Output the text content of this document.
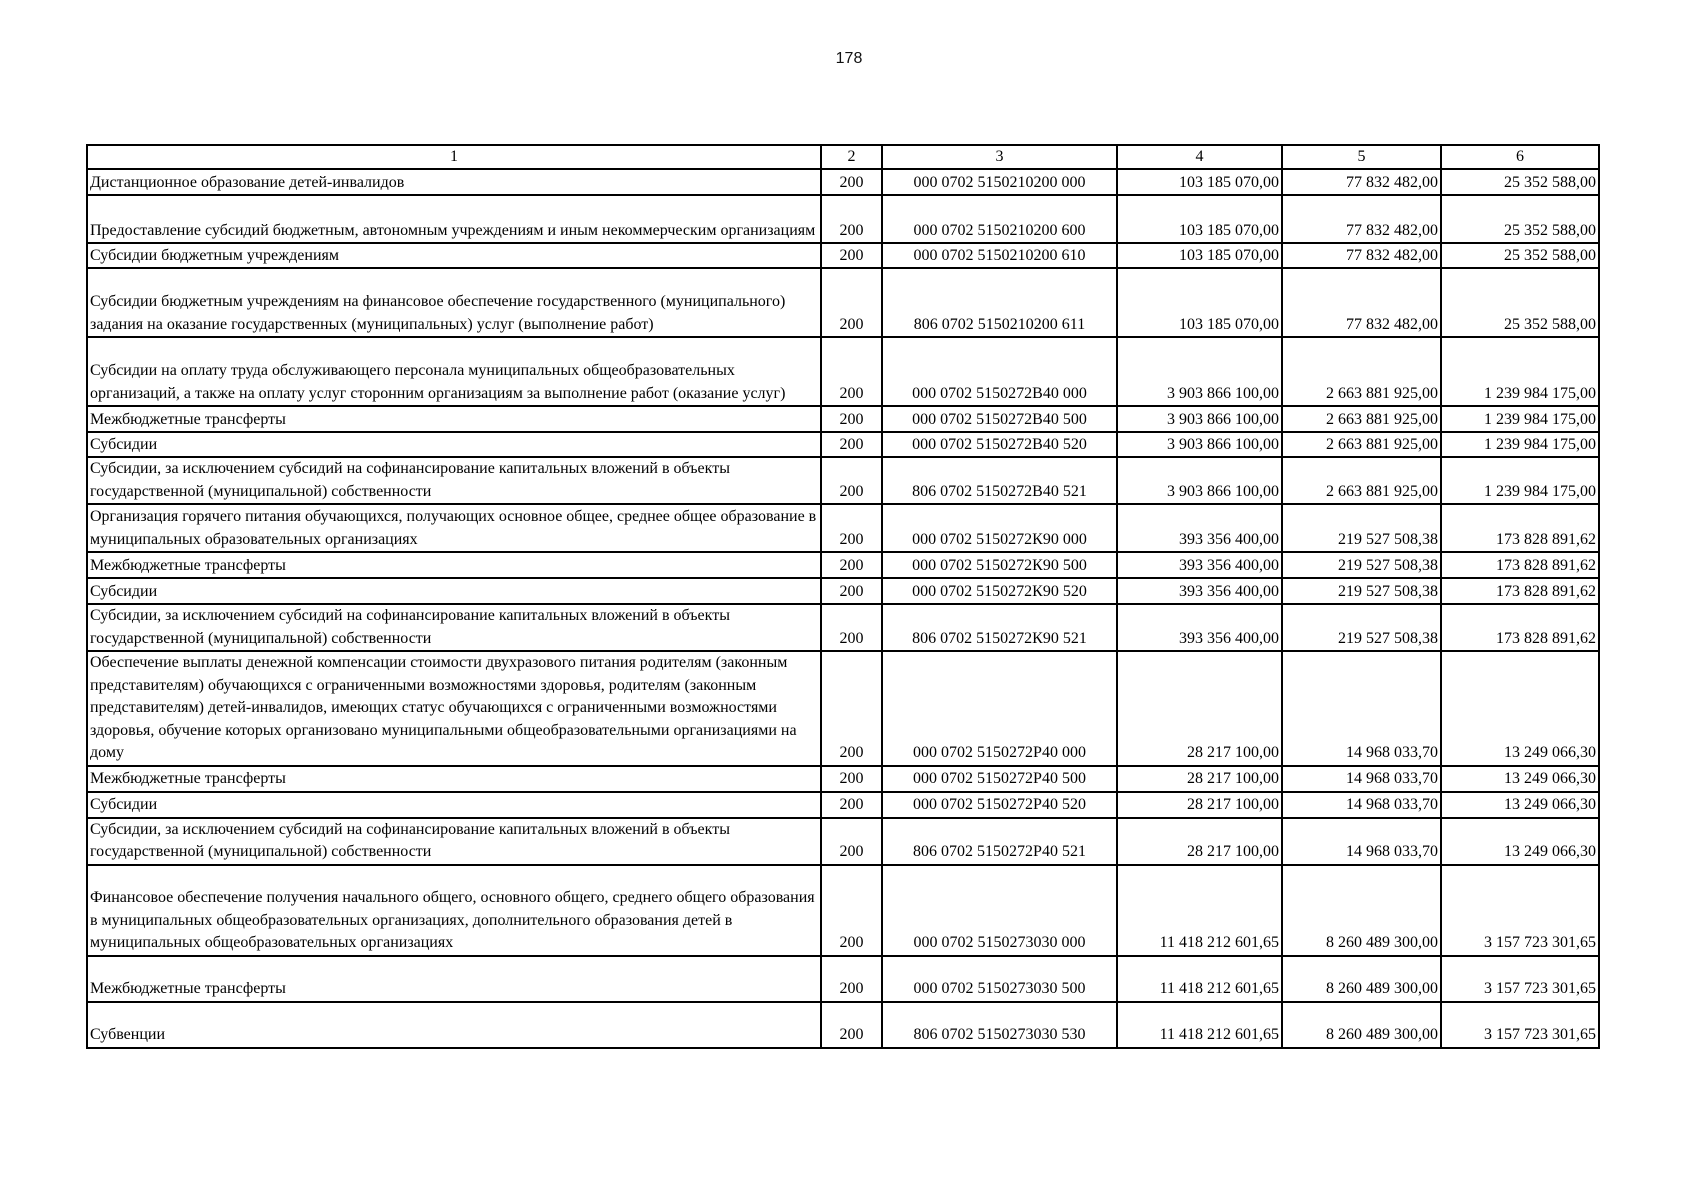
178
1	2	3	4	5	6
Дистанционное образование детей-инвалидов	200	000 0702 5150210200 000	103 185 070,00	77 832 482,00	25 352 588,00
Предоставление субсидий бюджетным, автономным учреждениям и иным некоммерческим организациям	200	000 0702 5150210200 600	103 185 070,00	77 832 482,00	25 352 588,00
Субсидии бюджетным учреждениям	200	000 0702 5150210200 610	103 185 070,00	77 832 482,00	25 352 588,00
Субсидии бюджетным учреждениям на финансовое обеспечение государственного (муниципального) задания на оказание государственных (муниципальных) услуг (выполнение работ)	200	806 0702 5150210200 611	103 185 070,00	77 832 482,00	25 352 588,00
Субсидии на оплату труда обслуживающего персонала муниципальных общеобразовательных организаций, а также на оплату услуг сторонним организациям за выполнение работ (оказание услуг)	200	000 0702 5150272В40 000	3 903 866 100,00	2 663 881 925,00	1 239 984 175,00
Межбюджетные трансферты	200	000 0702 5150272В40 500	3 903 866 100,00	2 663 881 925,00	1 239 984 175,00
Субсидии	200	000 0702 5150272В40 520	3 903 866 100,00	2 663 881 925,00	1 239 984 175,00
Субсидии, за исключением субсидий на софинансирование капитальных вложений в объекты государственной (муниципальной) собственности	200	806 0702 5150272В40 521	3 903 866 100,00	2 663 881 925,00	1 239 984 175,00
Организация горячего питания обучающихся, получающих основное общее, среднее общее образование в муниципальных образовательных организациях	200	000 0702 5150272К90 000	393 356 400,00	219 527 508,38	173 828 891,62
Межбюджетные трансферты	200	000 0702 5150272К90 500	393 356 400,00	219 527 508,38	173 828 891,62
Субсидии	200	000 0702 5150272К90 520	393 356 400,00	219 527 508,38	173 828 891,62
Субсидии, за исключением субсидий на софинансирование капитальных вложений в объекты государственной (муниципальной) собственности	200	806 0702 5150272К90 521	393 356 400,00	219 527 508,38	173 828 891,62
Обеспечение выплаты денежной компенсации стоимости двухразового питания родителям (законным представителям) обучающихся с ограниченными возможностями здоровья, родителям (законным представителям) детей-инвалидов, имеющих статус обучающихся с ограниченными возможностями здоровья, обучение которых организовано муниципальными общеобразовательными организациями на дому	200	000 0702 5150272Р40 000	28 217 100,00	14 968 033,70	13 249 066,30
Межбюджетные трансферты	200	000 0702 5150272Р40 500	28 217 100,00	14 968 033,70	13 249 066,30
Субсидии	200	000 0702 5150272Р40 520	28 217 100,00	14 968 033,70	13 249 066,30
Субсидии, за исключением субсидий на софинансирование капитальных вложений в объекты государственной (муниципальной) собственности	200	806 0702 5150272Р40 521	28 217 100,00	14 968 033,70	13 249 066,30
Финансовое обеспечение получения начального общего, основного общего, среднего общего образования в муниципальных общеобразовательных организациях, дополнительного образования детей в муниципальных общеобразовательных организациях	200	000 0702 5150273030 000	11 418 212 601,65	8 260 489 300,00	3 157 723 301,65
Межбюджетные трансферты	200	000 0702 5150273030 500	11 418 212 601,65	8 260 489 300,00	3 157 723 301,65
Субвенции	200	806 0702 5150273030 530	11 418 212 601,65	8 260 489 300,00	3 157 723 301,65
